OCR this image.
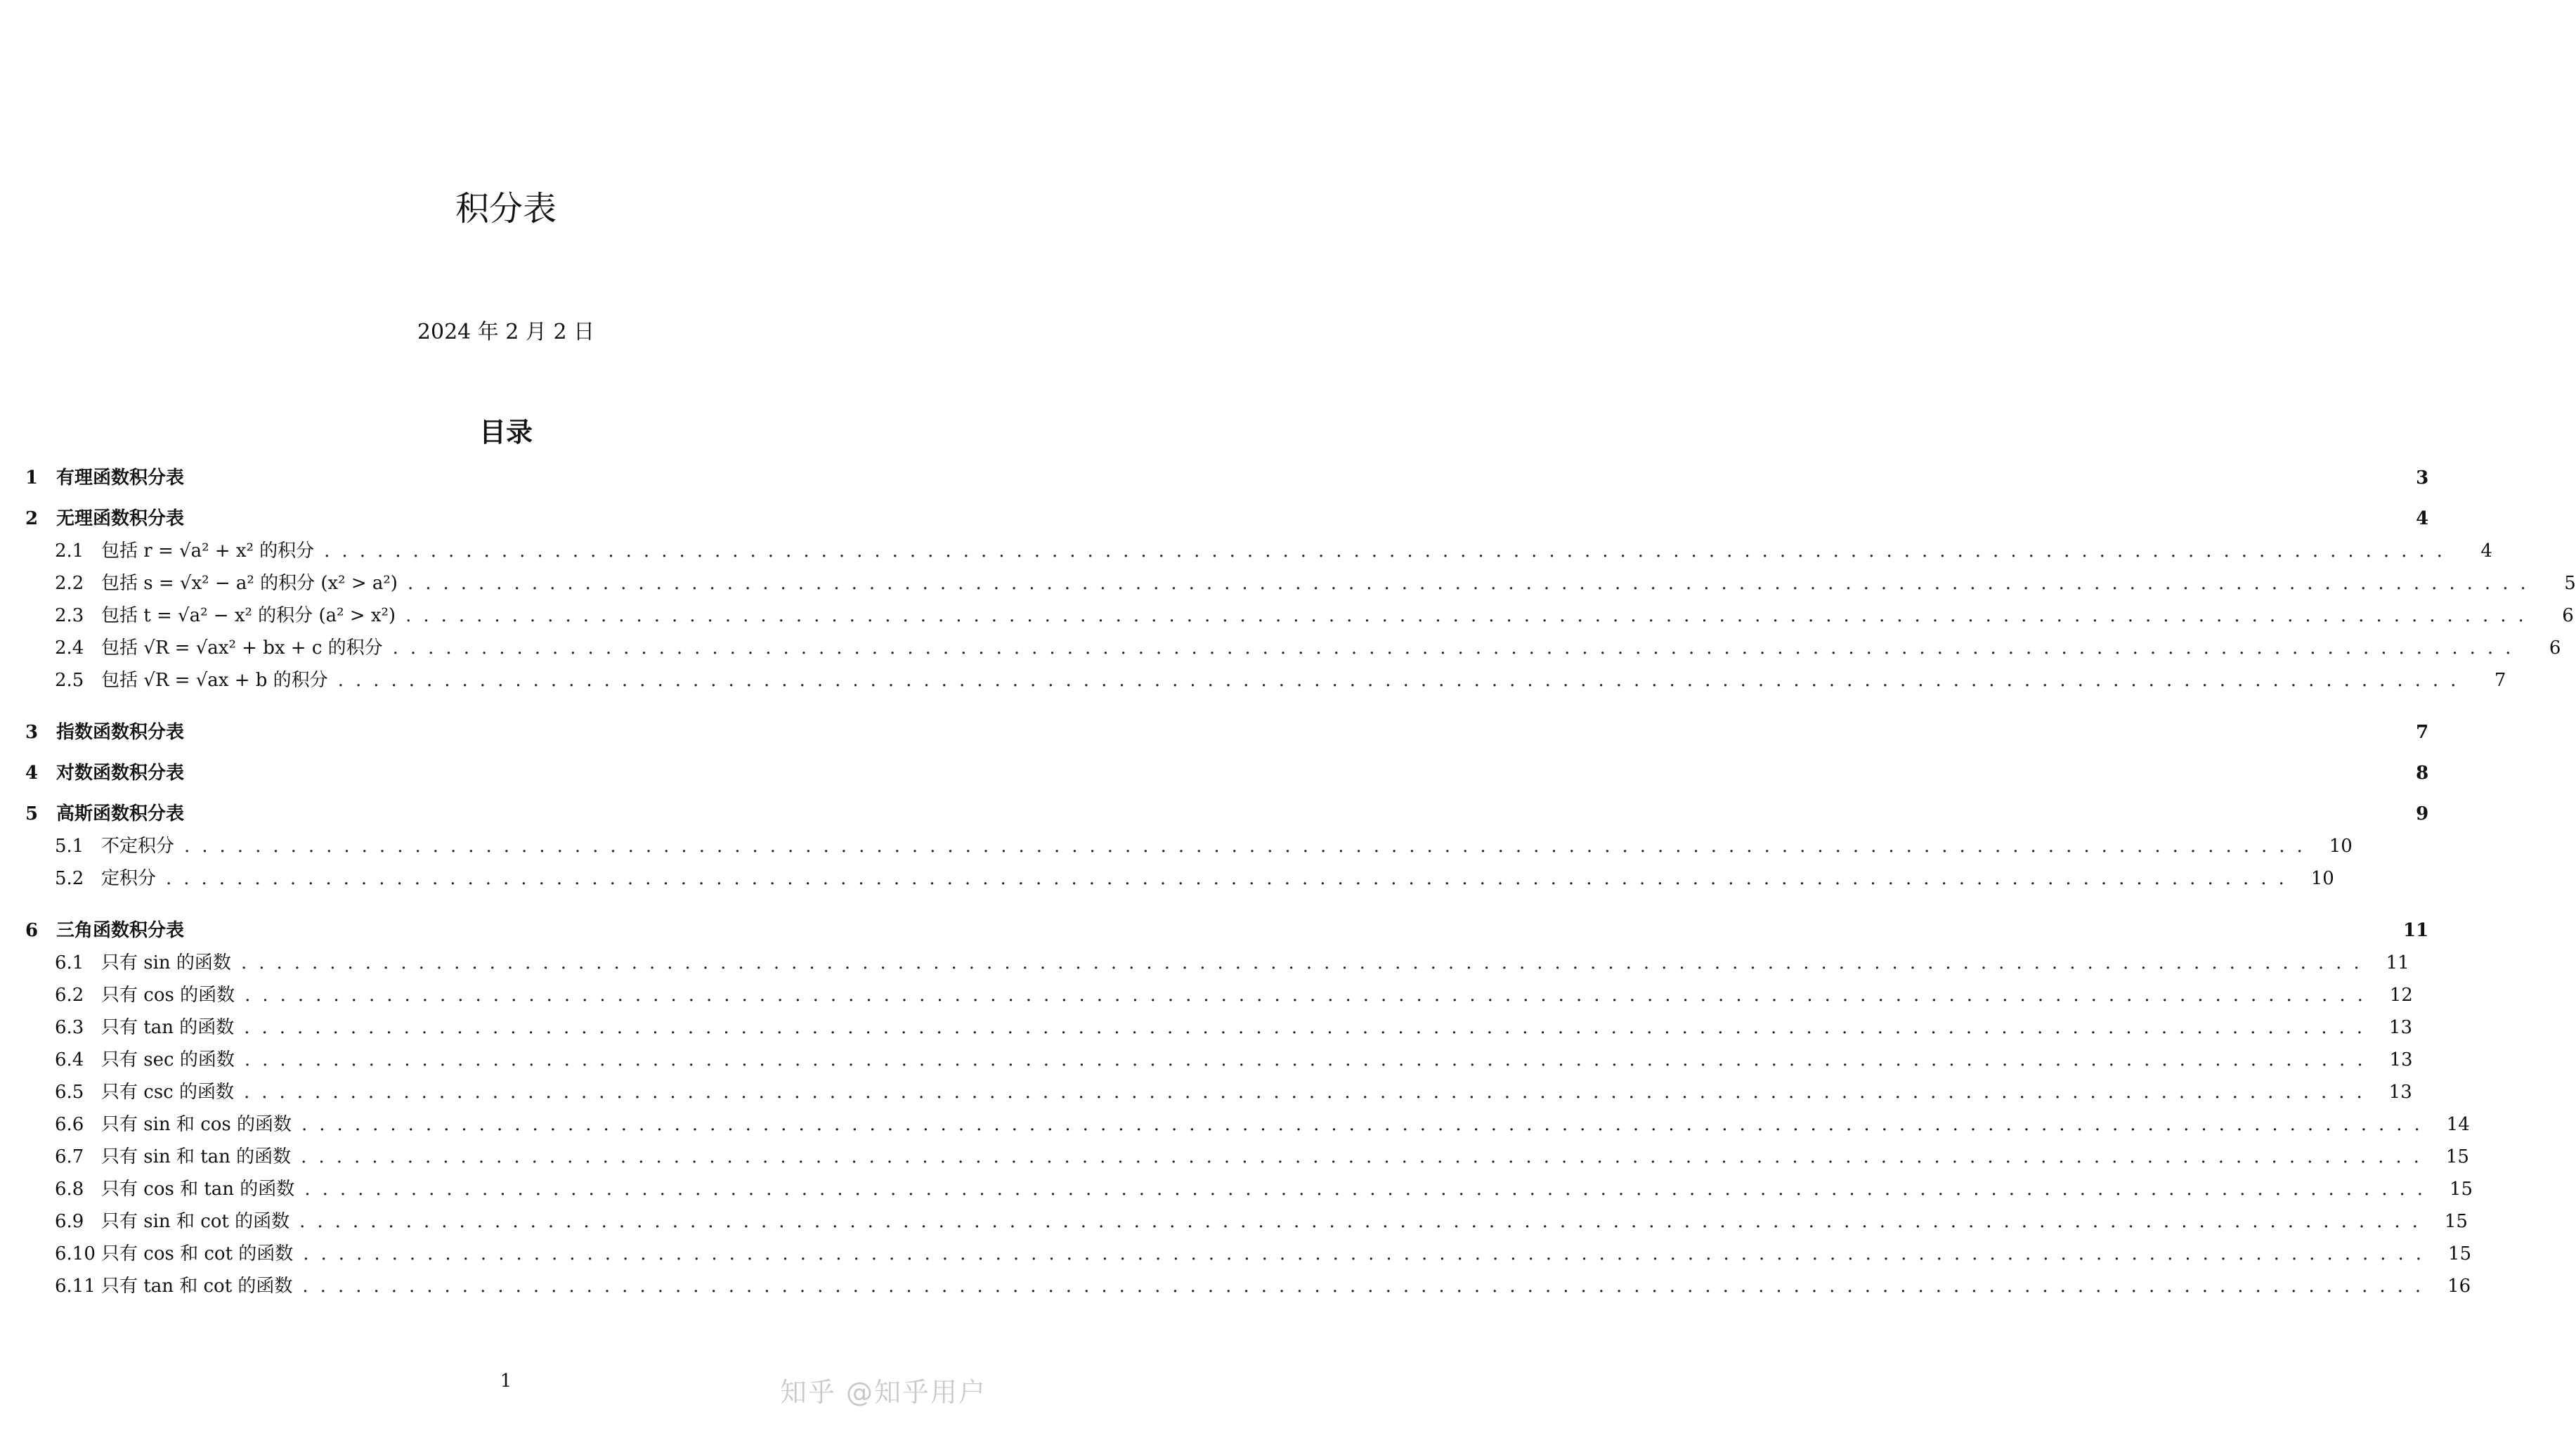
积分表
2024 年 2 月 2 日
目录
1 有理函数积分表	3
2 无理函数积分表	4
2.1 包括 r = √a² + x² 的积分 ........................................................................................................................	4
2.2 包括 s = √x² − a² 的积分 (x² > a²) ........................................................................................................................	5
2.3 包括 t = √a² − x² 的积分 (a² > x²) ........................................................................................................................	6
2.4 包括 √R = √ax² + bx + c 的积分 ........................................................................................................................	6
2.5 包括 √R = √ax + b 的积分 ........................................................................................................................	7
3 指数函数积分表	7
4 对数函数积分表	8
5 高斯函数积分表	9
5.1 不定积分 ........................................................................................................................ 10
5.2 定积分 ........................................................................................................................ 10
6 三角函数积分表	11
6.1 只有 sin 的函数 ........................................................................................................................ 11
6.2 只有 cos 的函数 ........................................................................................................................ 12
6.3 只有 tan 的函数 ........................................................................................................................ 13
6.4 只有 sec 的函数 ........................................................................................................................ 13
6.5 只有 csc 的函数 ........................................................................................................................ 13
6.6 只有 sin 和 cos 的函数 ........................................................................................................................ 14
6.7 只有 sin 和 tan 的函数 ........................................................................................................................ 15
6.8 只有 cos 和 tan 的函数 ........................................................................................................................ 15
6.9 只有 sin 和 cot 的函数 ........................................................................................................................ 15
6.10 只有 cos 和 cot 的函数 ........................................................................................................................ 15
6.11 只有 tan 和 cot 的函数 ........................................................................................................................ 16
1	知乎 @知乎用户
